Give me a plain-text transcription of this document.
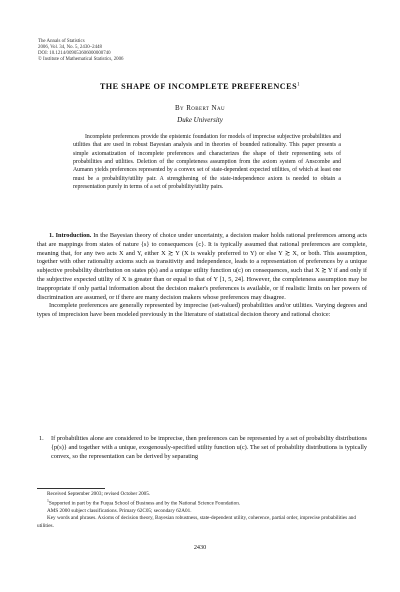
The Annals of Statistics
2006, Vol. 34, No. 5, 2430–2448
DOI: 10.1214/009053606000000740
© Institute of Mathematical Statistics, 2006
THE SHAPE OF INCOMPLETE PREFERENCES$^1$
By Robert Nau
Duke University

Incomplete preferences provide the epistemic foundation for models of imprecise subjective probabilities and utilities that are used in robust Bayesian analysis and in theories of bounded rationality. This paper presents a simple axiomatization of incomplete preferences and characterizes the shape of their representing sets of probabilities and utilities. Deletion of the completeness assumption from the axiom system of Anscombe and Aumann yields preferences represented by a convex set of state-dependent expected utilities, of which at least one must be a probability/utility pair. A strengthening of the state-independence axiom is needed to obtain a representation purely in terms of a set of probability/utility pairs.

1. Introduction. In the Bayesian theory of choice under uncertainty, a decision maker holds rational preferences among acts that are mappings from states of nature {s} to consequences {c}. It is typically assumed that rational preferences are complete, meaning that, for any two acts X and Y, either X ≿ Y (X is weakly preferred to Y) or else Y ≿ X, or both. This assumption, together with other rationality axioms such as transitivity and independence, leads to a representation of preferences by a unique subjective probability distribution on states p(s) and a unique utility function u(c) on consequences, such that X ≿ Y if and only if the subjective expected utility of X is greater than or equal to that of Y [1, 5, 24]. However, the completeness assumption may be inappropriate if only partial information about the decision maker's preferences is available, or if realistic limits on her powers of discrimination are assumed, or if there are many decision makers whose preferences may disagree.

Incomplete preferences are generally represented by imprecise (set-valued) probabilities and/or utilities. Varying degrees and types of imprecision have been modeled previously in the literature of statistical decision theory and rational choice:

1. If probabilities alone are considered to be imprecise, then preferences can be represented by a set of probability distributions {p(s)} and together with a unique, exogenously-specified utility function u(c). The set of probability distributions is typically convex, so the representation can be derived by separating

Received September 2003; revised October 2005.

$^1$Supported in part by the Fuqua School of Business and by the National Science Foundation.

AMS 2000 subject classifications. Primary 62C05; secondary 62A01.

Key words and phrases. Axioms of decision theory, Bayesian robustness, state-dependent utility, coherence, partial order, imprecise probabilities and utilities.

2430
